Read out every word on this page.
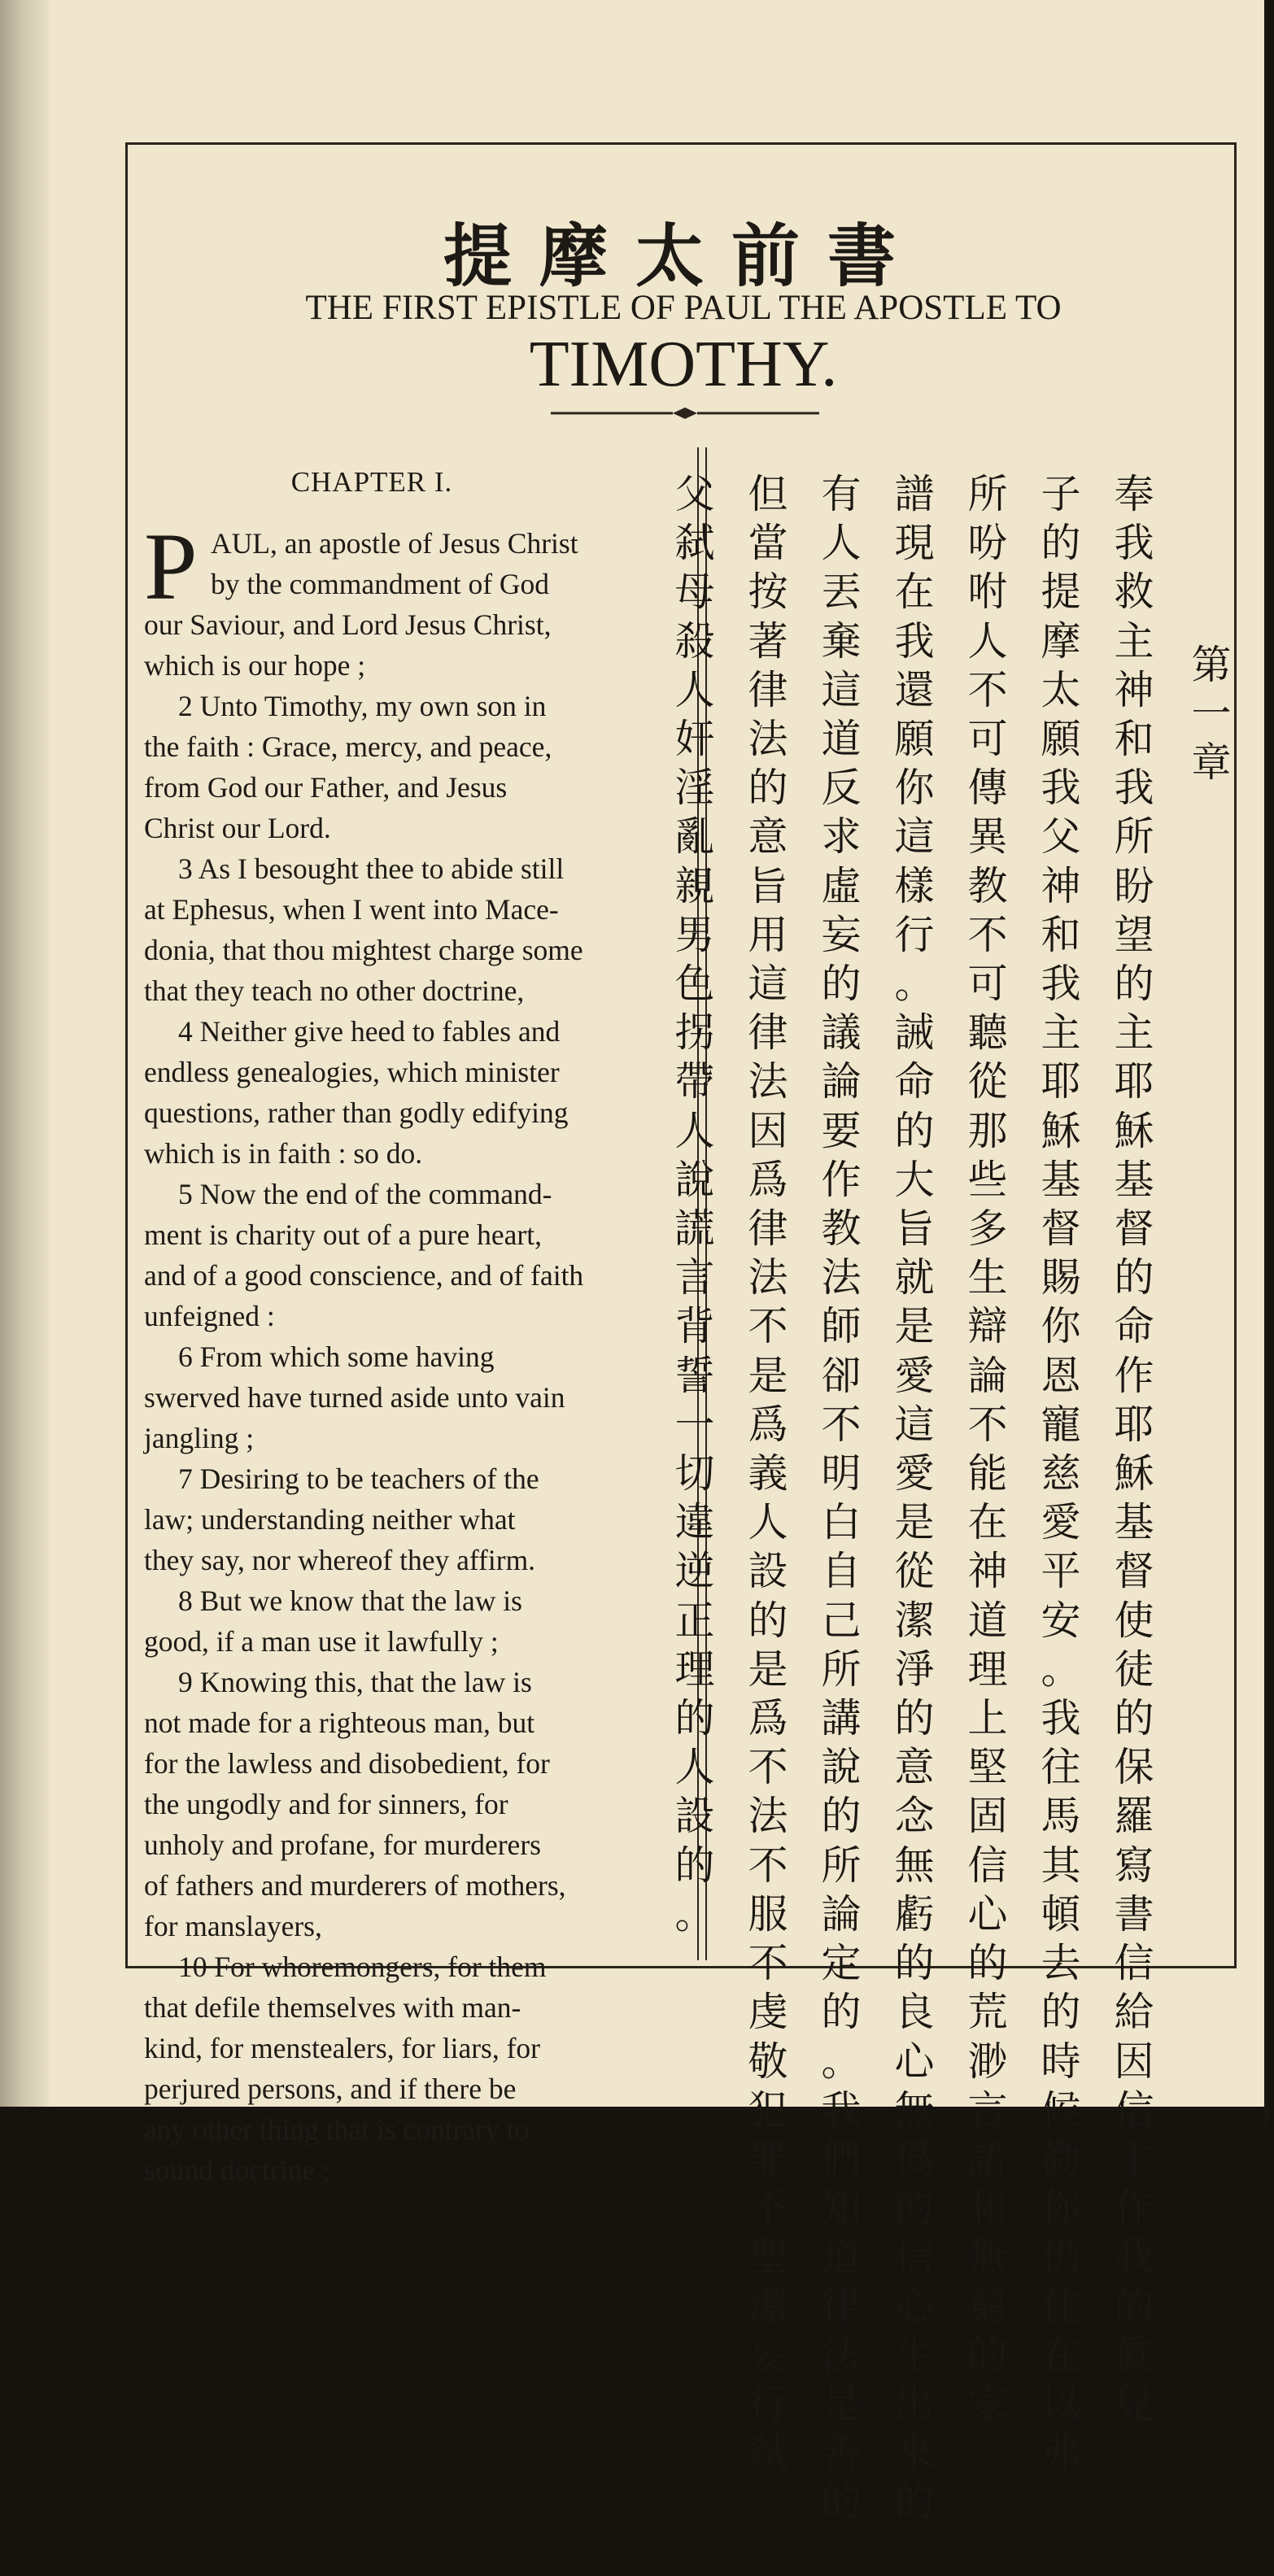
提摩太前書
THE FIRST EPISTLE OF PAUL THE APOSTLE TO
TIMOTHY.
CHAPTER I.
P AUL, an apostle of Jesus Christ
by the commandment of God
our Saviour, and Lord Jesus Christ,
which is our hope ;
2 Unto Timothy, my own son in
the faith : Grace, mercy, and peace,
from God our Father, and Jesus
Christ our Lord.
3 As I besought thee to abide still
at Ephesus, when I went into Mace-
donia, that thou mightest charge some
that they teach no other doctrine,
4 Neither give heed to fables and
endless genealogies, which minister
questions, rather than godly edifying
which is in faith : so do.
5 Now the end of the command-
ment is charity out of a pure heart,
and of a good conscience, and of faith
unfeigned :
6 From which some having
swerved have turned aside unto vain
jangling ;
7 Desiring to be teachers of the
law; understanding neither what
they say, nor whereof they affirm.
8 But we know that the law is
good, if a man use it lawfully ;
9 Knowing this, that the law is
not made for a righteous man, but
for the lawless and disobedient, for
the ungodly and for sinners, for
unholy and profane, for murderers
of fathers and murderers of mothers,
for manslayers,
10 For whoremongers, for them
that defile themselves with man-
kind, for menstealers, for liars, for
perjured persons, and if there be
any other thing that is contrary to
sound doctrine ;
奉
我
救
主
神
和
我
所
盼
望
的
主
耶
穌
基
督
的
命
作
耶
穌
基
督
使
徒
的
保
羅
寫
書
信
給
因
信
主
作
我
的
眞
兒
子
的
提
摩
太
願
我
父
神
和
我
主
耶
穌
基
督
賜
你
恩
寵
慈
愛
平
安
。
我
往
馬
其
頓
去
的
時
候
勸
你
仍
住
在
以
弗
所
吩
咐
人
不
可
傳
異
教
不
可
聽
從
那
些
多
生
辯
論
不
能
在
神
道
理
上
堅
固
信
心
的
荒
渺
言
語
和
無
窮
的
家
譜
現
在
我
還
願
你
這
樣
行
。
誡
命
的
大
旨
就
是
愛
這
愛
是
從
潔
淨
的
意
念
無
虧
的
良
心
無
僞
的
信
心
生
出
來
的
。
有
人
丟
棄
這
道
反
求
虛
妄
的
議
論
要
作
教
法
師
卻
不
明
白
自
己
所
講
說
的
所
論
定
的
。
我
們
知
道
律
法
是
善
的
但
當
按
著
律
法
的
意
旨
用
這
律
法
因
爲
律
法
不
是
爲
義
人
設
的
是
爲
不
法
不
服
不
虔
敬
犯
罪
不
聖
潔
妄
行
弑
父
弑
母
殺
人
奸
淫
亂
親
男
色
拐
帶
人
說
謊
言
背
誓
一
切
違
逆
正
理
的
人
設
的
。
第
一
章
